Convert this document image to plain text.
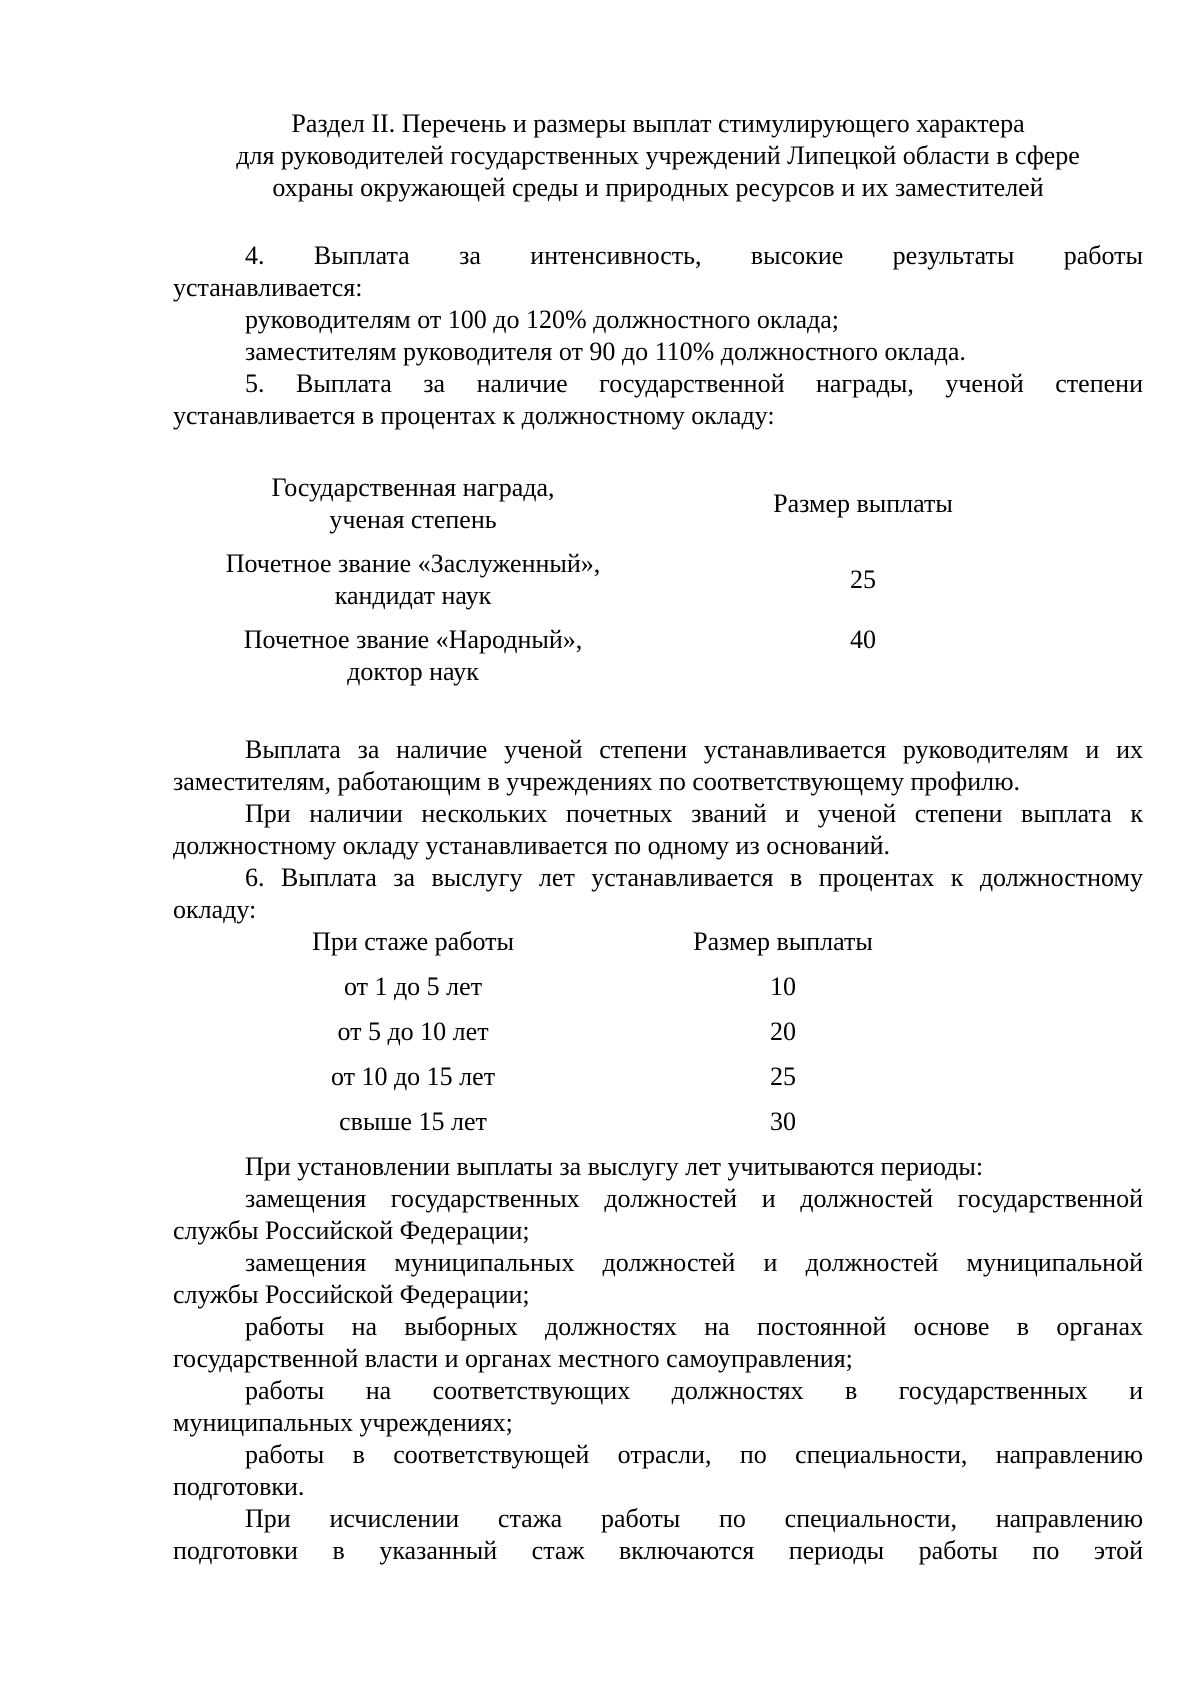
Раздел II. Перечень и размеры выплат стимулирующего характера
для руководителей государственных учреждений Липецкой области в сфере
охраны окружающей среды и природных ресурсов и их заместителей

4. Выплата за интенсивность, высокие результаты работы

устанавливается:

руководителям от 100 до 120% должностного оклада;

заместителям руководителя от 90 до 110% должностного оклада.

5. Выплата за наличие государственной награды, ученой степени

устанавливается в процентах к должностному окладу:

Государственная награда,
ученая степень	Размер выплаты

Почетное звание «Заслуженный»,
кандидат наук	25

Почетное звание «Народный»,
доктор наук	40

Выплата за наличие ученой степени устанавливается руководителям и их

заместителям, работающим в учреждениях по соответствующему профилю.

При наличии нескольких почетных званий и ученой степени выплата к

должностному окладу устанавливается по одному из оснований.

6. Выплата за выслугу лет устанавливается в процентах к должностному

окладу:

При стаже работы	Размер выплаты
от 1 до 5 лет	10
от 5 до 10 лет	20
от 10 до 15 лет	25
свыше 15 лет	30

При установлении выплаты за выслугу лет учитываются периоды:

замещения государственных должностей и должностей государственной

службы Российской Федерации;

замещения муниципальных должностей и должностей муниципальной

службы Российской Федерации;

работы на выборных должностях на постоянной основе в органах

государственной власти и органах местного самоуправления;

работы на соответствующих должностях в государственных и

муниципальных учреждениях;

работы в соответствующей отрасли, по специальности, направлению

подготовки.

При исчислении стажа работы по специальности, направлению

подготовки в указанный стаж включаются периоды работы по этой
